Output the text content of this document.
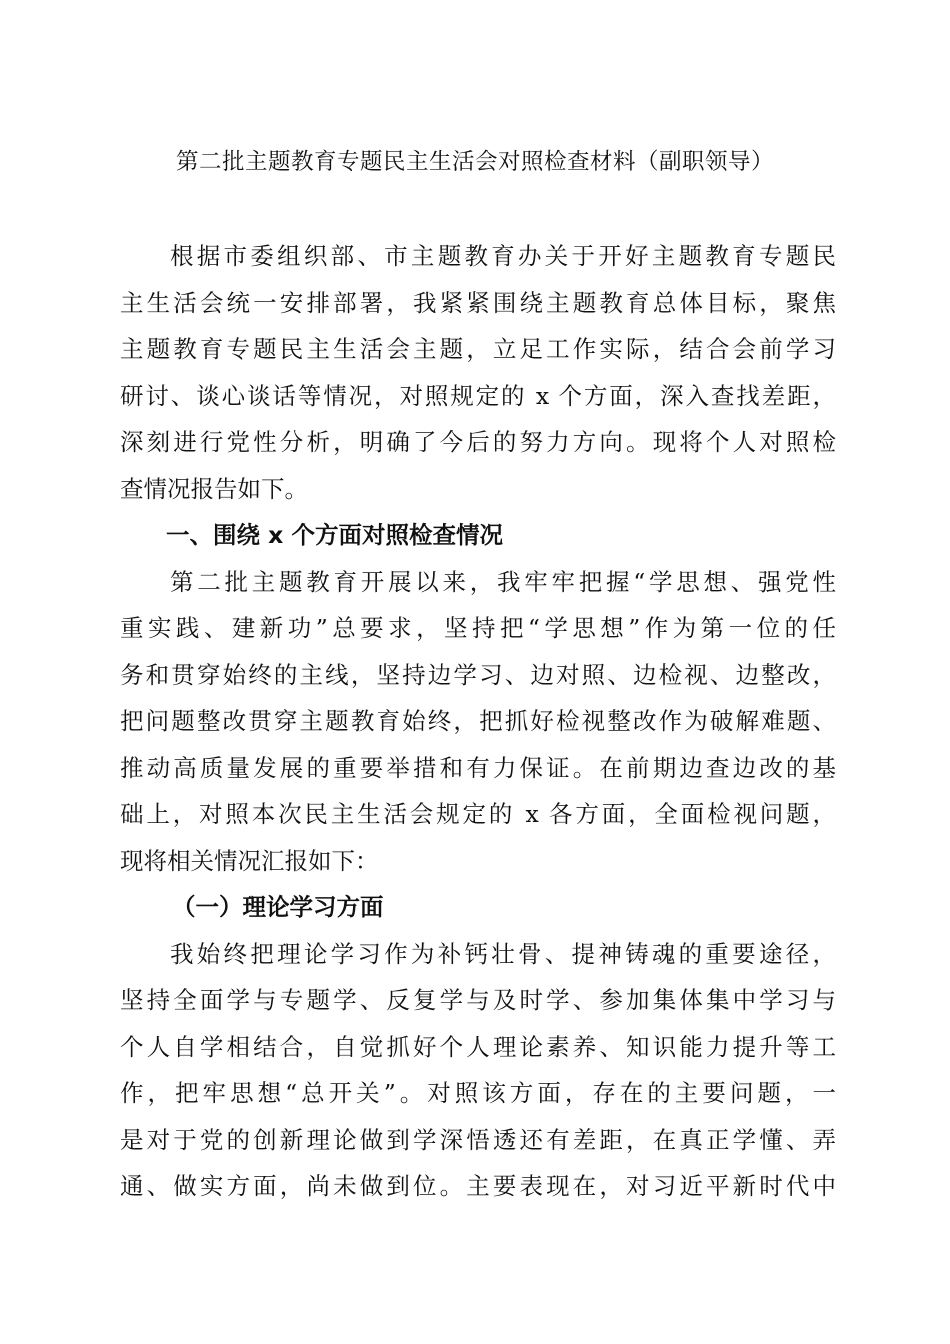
第二批主题教育专题民主生活会对照检查材料（副职领导）
根据市委组织部、市主题教育办关于开好主题教育专题民
主生活会统一安排部署，我紧紧围绕主题教育总体目标，聚焦
主题教育专题民主生活会主题，立足工作实际，结合会前学习
研讨、谈心谈话等情况，对照规定的 x 个方面，深入查找差距，
深刻进行党性分析，明确了今后的努力方向。现将个人对照检
查情况报告如下。
一、围绕 x 个方面对照检查情况
第二批主题教育开展以来，我牢牢把握“学思想、强党性
重实践、建新功”总要求，坚持把“学思想”作为第一位的任
务和贯穿始终的主线，坚持边学习、边对照、边检视、边整改，
把问题整改贯穿主题教育始终，把抓好检视整改作为破解难题、
推动高质量发展的重要举措和有力保证。在前期边查边改的基
础上，对照本次民主生活会规定的 x 各方面，全面检视问题，
现将相关情况汇报如下：
（一）理论学习方面
我始终把理论学习作为补钙壮骨、提神铸魂的重要途径，
坚持全面学与专题学、反复学与及时学、参加集体集中学习与
个人自学相结合，自觉抓好个人理论素养、知识能力提升等工
作，把牢思想“总开关”。对照该方面，存在的主要问题，一
是对于党的创新理论做到学深悟透还有差距，在真正学懂、弄
通、做实方面，尚未做到位。主要表现在，对习近平新时代中
